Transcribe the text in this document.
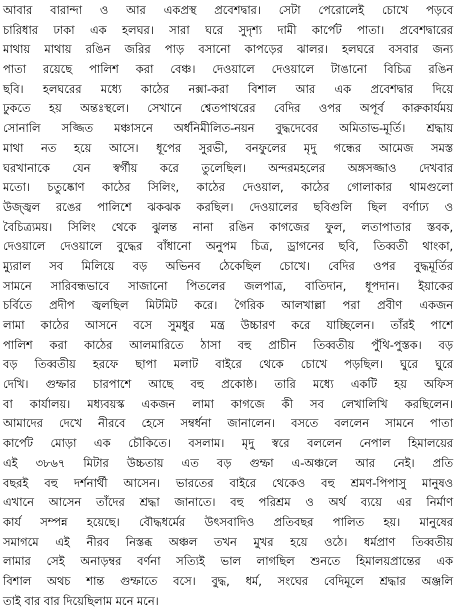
আবার বারান্দা ও আর একপ্রস্থ প্রবেশদ্বার। সেটা পেরোলেই চোখে পড়বে
চারিধার ঢাকা এক হলঘর। সারা ঘরে সুদৃশ্য দামী কার্পেট পাতা। প্রবেশদ্বারের
মাথায় মাথায় রঙিন জরির পাড় বসানো কাপড়ের ঝালর। হলঘরে বসবার জন্য
পাতা রয়েছে পালিশ করা বেঞ্চ। দেওয়ালে দেওয়ালে টাঙানো বিচিত্র রঙিন
ছবি। হলঘরের মধ্যে কাঠের নক্সা-করা বিশাল আর এক প্রবেশদ্বার দিয়ে
ঢুকতে হয় অন্তঃস্থলে। সেখানে শ্বেতপাথরের বেদির ওপর অপূর্ব কারুকার্যময়
সোনালি সজ্জিত মঞ্চাসনে অর্ধনিমীলিত-নয়ন বুদ্ধদেবের অমিতাভ-মূর্তি। শ্রদ্ধায়
মাথা নত হয়ে আসে। ধূপের সুরভী, বনফুলের মৃদু গন্ধের আমেজ সমস্ত
ঘরখানাকে যেন স্বর্গীয় করে তুলেছিল। অন্দরমহলের অঙ্গসজ্জাও দেখবার
মতো। চতুষ্কোণ কাঠের সিলিং, কাঠের দেওয়াল, কাঠের গোলাকার থামগুলো
উজ্জ্বল রঙের পালিশে ঝকঝক করছিল। দেওয়ালের ছবিগুলি ছিল বর্ণাঢ্য ও
বৈচিত্র্যময়। সিলিং থেকে ঝুলন্ত নানা রঙিন কাগজের ফুল, লতাপাতার স্তবক,
দেওয়ালে দেওয়ালে বুদ্ধের বাঁধানো অনুপম চিত্র, ড্রাগনের ছবি, তিব্বতী থাংকা,
ম্যুরাল সব মিলিয়ে বড় অভিনব ঠেকেছিল চোখে। বেদির ওপর বুদ্ধমূর্তির
সামনে সারিবন্ধভাবে সাজানো পিতলের জলপাত্র, বাতিদান, ধূপদান। ইয়াকের
চর্বিতে প্রদীপ জ্বলছিল মিটমিট করে। গৈরিক আলখাল্লা পরা প্রবীণ একজন
লামা কাঠের আসনে বসে সুমধুর মন্ত্র উচ্চারণ করে যাচ্ছিলেন। তাঁরই পাশে
পালিশ করা কাঠের আলমারিতে ঠাসা বহু প্রাচীন তিব্বতীয় পুঁথি-পুস্তক। বড়
বড় তিব্বতীয় হরফে ছাপা মলাট বাইরে থেকে চোখে পড়ছিল। ঘুরে ঘুরে
দেখি। গুম্ফার চারপাশে আছে বহু প্রকোষ্ঠ। তারি মধ্যে একটি হয় অফিস
বা কার্যালয়। মধ্যবয়স্ক একজন লামা কাগজে কী সব লেখালিখি করছিলেন।
আমাদের দেখে নীরবে হেসে সম্বর্ধনা জানালেন। বসতে বললেন সামনে পাতা
কার্পেট মোড়া এক চৌকিতে। বসলাম। মৃদু স্বরে বললেন নেপাল হিমালয়ের
এই ৩৮৬৭ মিটার উচ্চতায় এত বড় গুম্ফা এ-অঞ্চলে আর নেই। প্রতি
বছরই বহু দর্শনার্থী আসেন। ভারতের বাইরে থেকেও বহু শ্রমণ-পিপাসু মানুষও
এখানে আসেন তাঁদের শ্রদ্ধা জানাতে। বহু পরিশ্রম ও অর্থ ব্যয়ে এর নির্মাণ
কার্য সম্পন্ন হয়েছে। বৌদ্ধধর্মের উৎসবাদিও প্রতিবছর পালিত হয়। মানুষের
সমাগমে এই নীরব নিস্তব্ধ অঞ্চল তখন মুখর হয়ে ওঠে। ধর্মপ্রাণ তিব্বতীয়
লামার সেই অনাড়ম্বর বর্ণনা সত্যিই ভাল লাগছিল শুনতে হিমালয়প্রান্তের এক
বিশাল অথচ শান্ত গুম্ফাতে বসে। বুদ্ধ, ধর্ম, সংঘের বেদিমূলে শ্রদ্ধার অঞ্জলি
তাই বার বার দিয়েছিলাম মনে মনে।
